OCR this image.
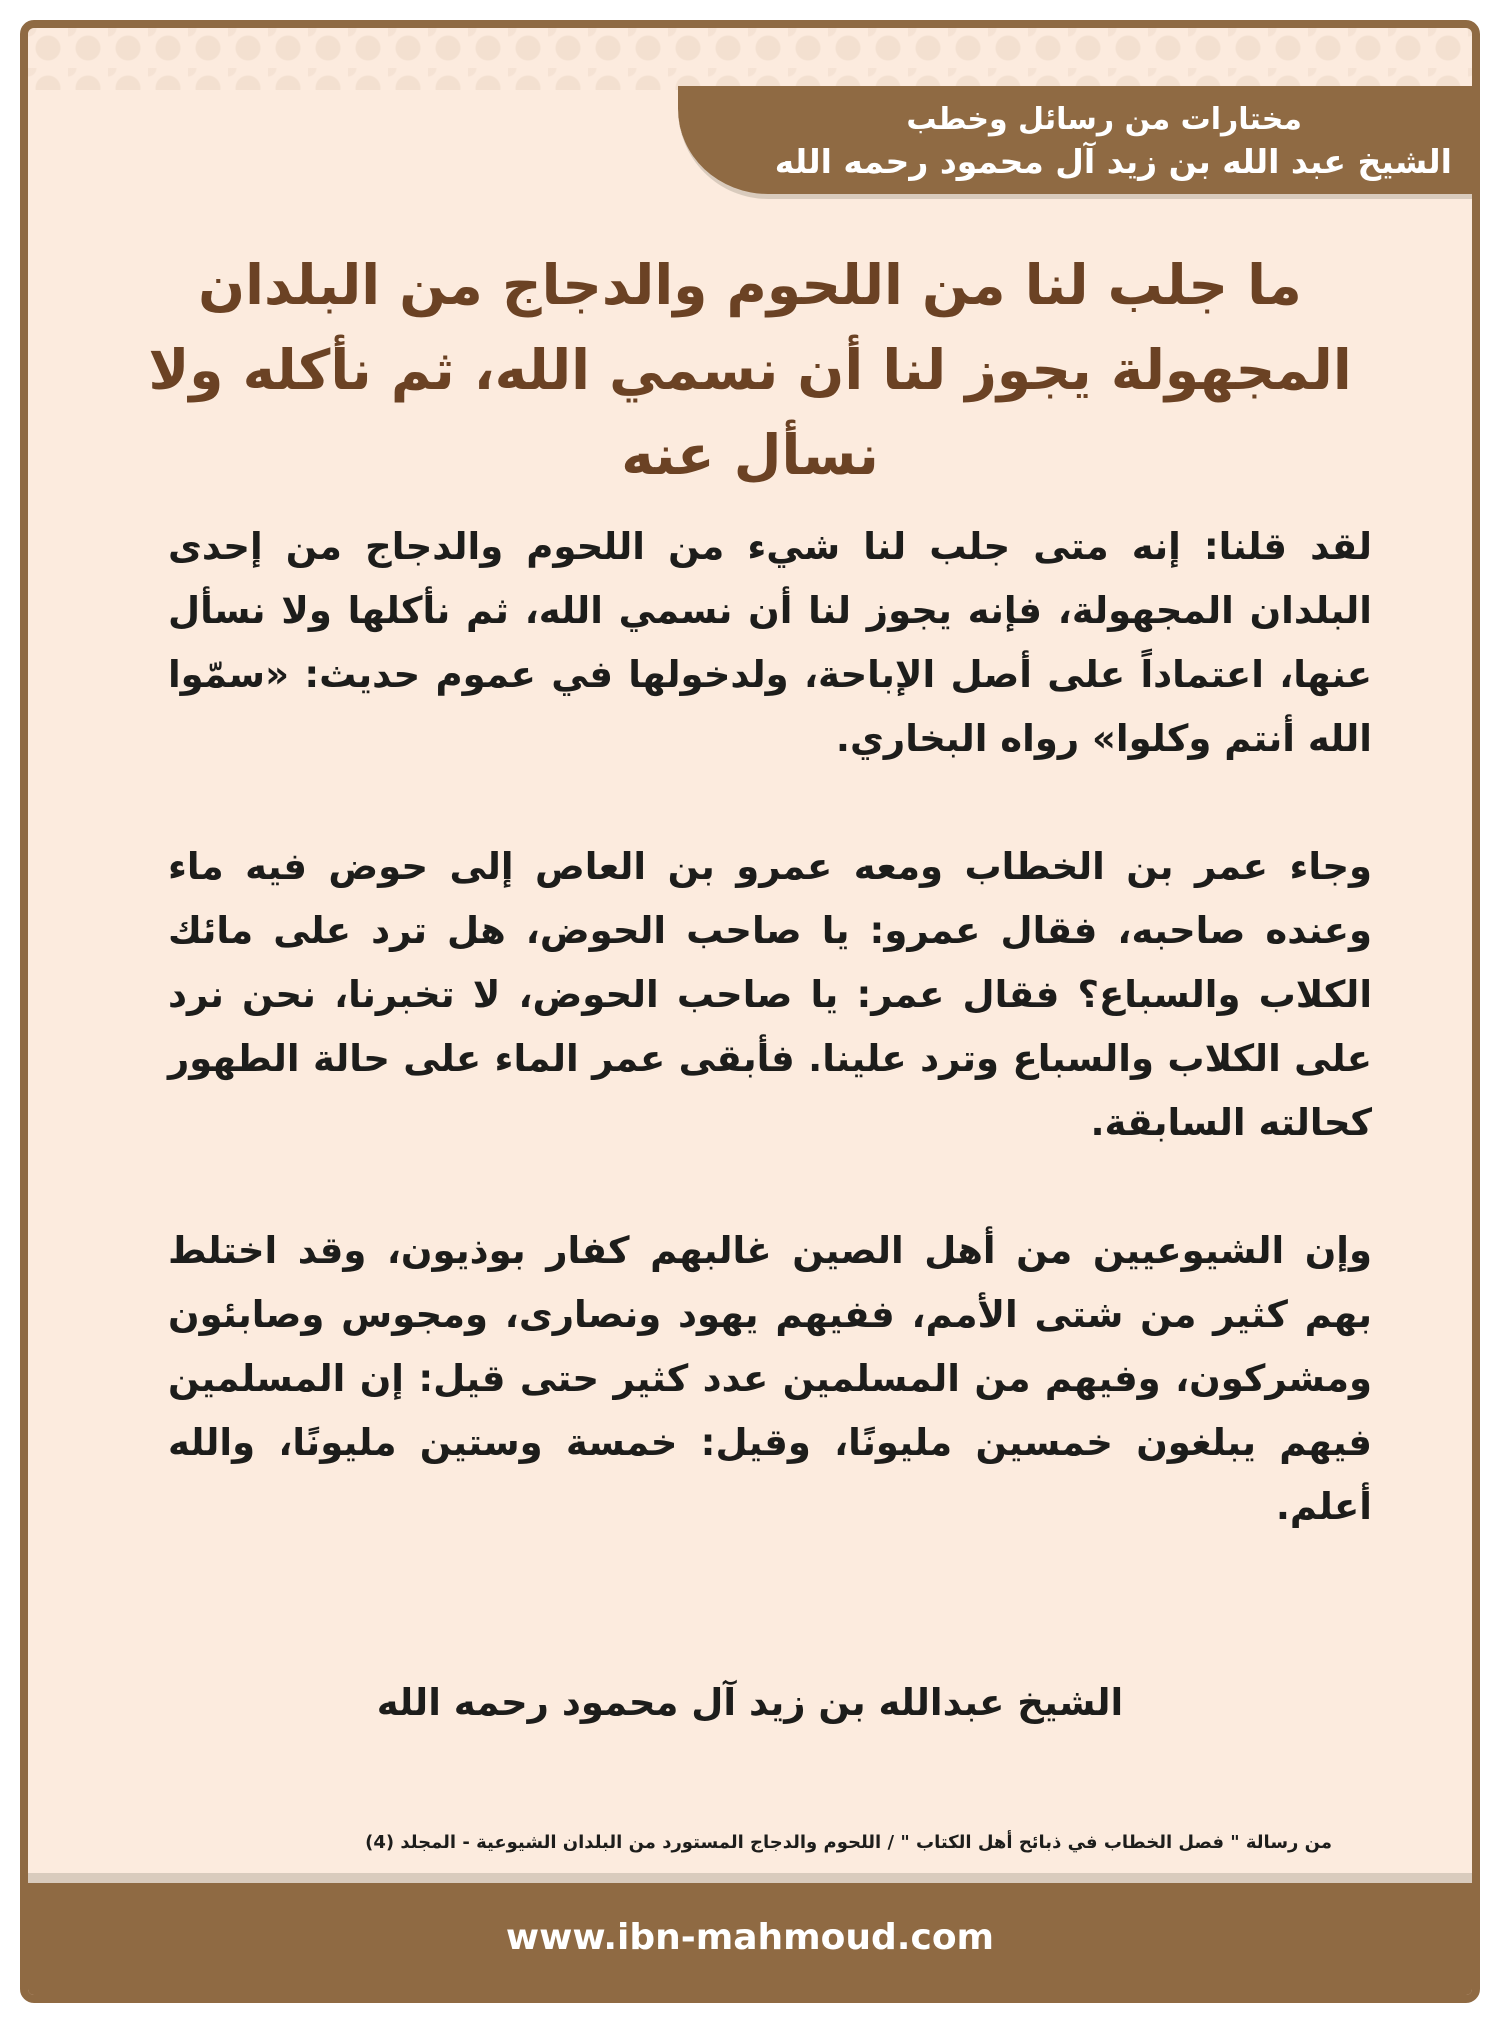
مختارات من رسائل وخطب
الشيخ عبد الله بن زيد آل محمود رحمه الله
ما جلب لنا من اللحوم والدجاج من البلدان المجهولة يجوز لنا أن نسمي الله، ثم نأكله ولا نسأل عنه

لقد قلنا: إنه متى جلب لنا شيء من اللحوم والدجاج من إحدى البلدان المجهولة، فإنه يجوز لنا أن نسمي الله، ثم نأكلها ولا نسأل عنها، اعتماداً على أصل الإباحة، ولدخولها في عموم حديث: «سمّوا الله أنتم وكلوا» رواه البخاري.

وجاء عمر بن الخطاب ومعه عمرو بن العاص إلى حوض فيه ماء وعنده صاحبه، فقال عمرو: يا صاحب الحوض، هل ترد على مائك الكلاب والسباع؟ فقال عمر: يا صاحب الحوض، لا تخبرنا، نحن نرد على الكلاب والسباع وترد علينا. فأبقى عمر الماء على حالة الطهور كحالته السابقة.

وإن الشيوعيين من أهل الصين غالبهم كفار بوذيون، وقد اختلط بهم كثير من شتى الأمم، ففيهم يهود ونصارى، ومجوس وصابئون ومشركون، وفيهم من المسلمين عدد كثير حتى قيل: إن المسلمين فيهم يبلغون خمسين مليونًا، وقيل: خمسة وستين مليونًا، والله أعلم.

الشيخ عبدالله بن زيد آل محمود رحمه الله
من رسالة " فصل الخطاب في ذبائح أهل الكتاب " / اللحوم والدجاج المستورد من البلدان الشيوعية - المجلد (4)
www.ibn-mahmoud.com
